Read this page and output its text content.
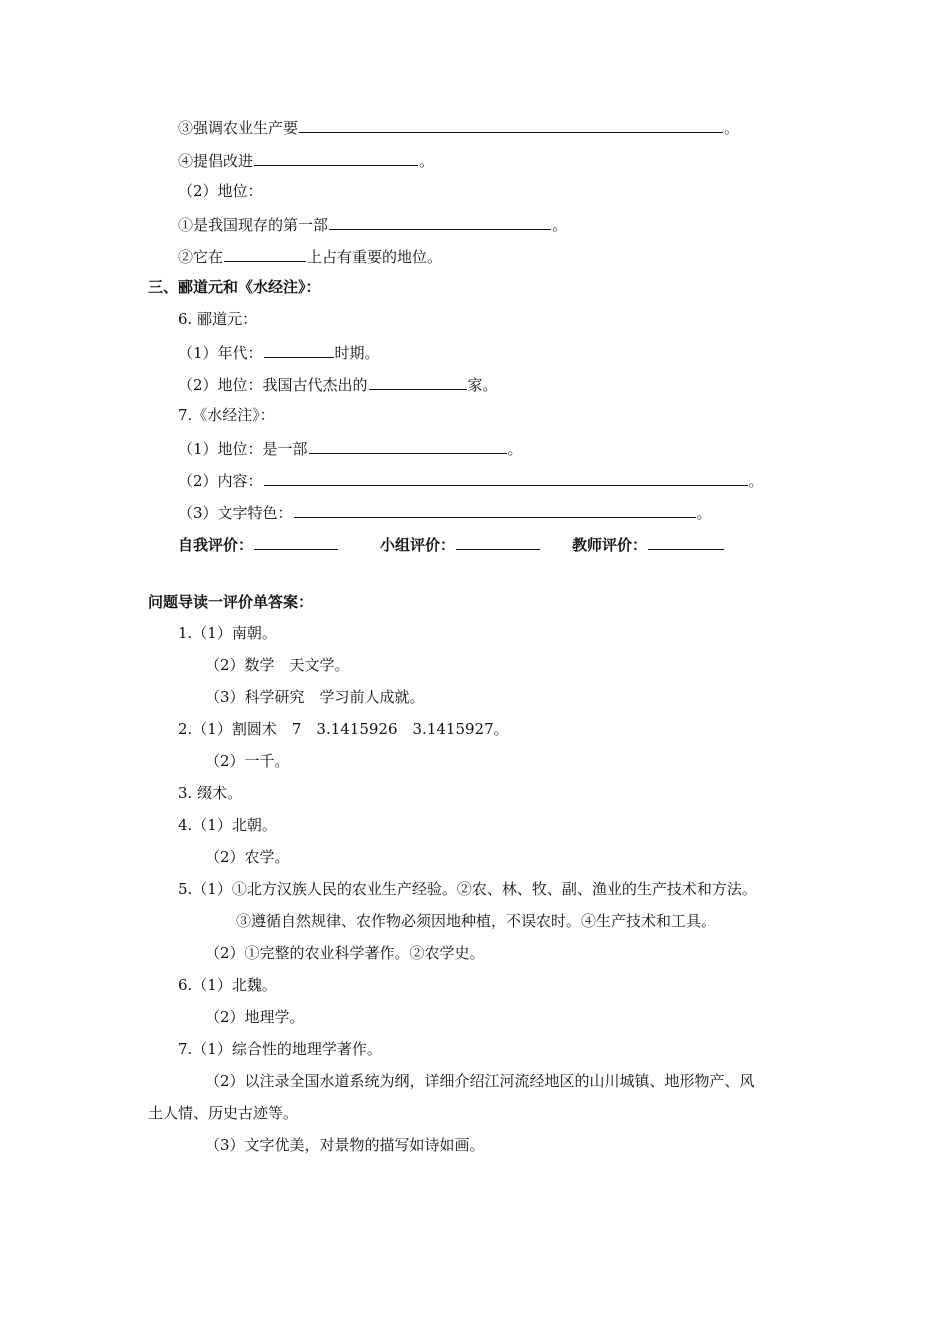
③强调农业生产要	。
④提倡改进	。
（2）地位：
①是我国现存的第一部	。
②它在	上占有重要的地位。
三、郦道元和《水经注》：
6. 郦道元：
（1）年代：	时期。
（2）地位：我国古代杰出的	家。
7.《水经注》：
（1）地位：是一部	。
（2）内容：	。
（3）文字特色：	。
自我评价：	小组评价：	教师评价：
问题导读一评价单答案：
1.（1）南朝。
（2）数学　天文学。
（3）科学研究　学习前人成就。
2.（1）割圆术　7　3.1415926　3.1415927。
（2）一千。
3. 缀术。
4.（1）北朝。
（2）农学。
5.（1）①北方汉族人民的农业生产经验。②农、林、牧、副、渔业的生产技术和方法。
③遵循自然规律、农作物必须因地种植，不误农时。④生产技术和工具。
（2）①完整的农业科学著作。②农学史。
6.（1）北魏。
（2）地理学。
7.（1）综合性的地理学著作。
（2）以注录全国水道系统为纲，详细介绍江河流经地区的山川城镇、地形物产、风
土人情、历史古迹等。
（3）文字优美，对景物的描写如诗如画。
